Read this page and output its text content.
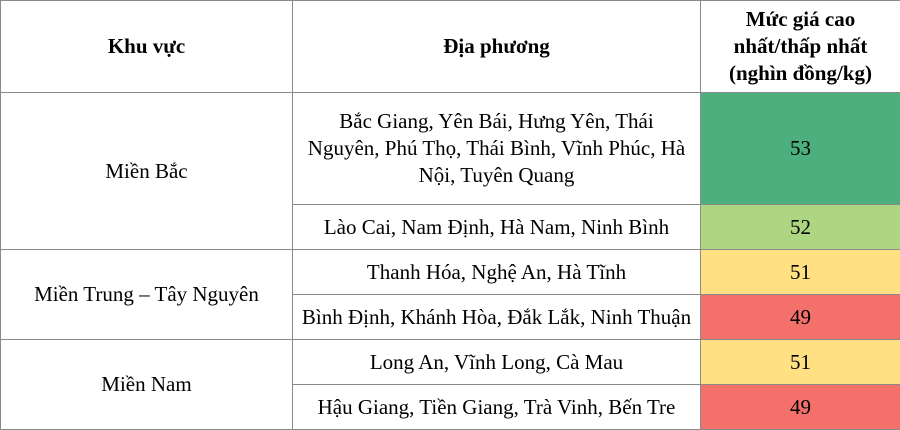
Khu vực	Địa phương	Mức giá cao nhất/thấp nhất (nghìn đồng/kg)
Miền Bắc	Bắc Giang, Yên Bái, Hưng Yên, Thái Nguyên, Phú Thọ, Thái Bình, Vĩnh Phúc, Hà Nội, Tuyên Quang	53
	Lào Cai, Nam Định, Hà Nam, Ninh Bình	52
Miền Trung – Tây Nguyên	Thanh Hóa, Nghệ An, Hà Tĩnh	51
	Bình Định, Khánh Hòa, Đắk Lắk, Ninh Thuận	49
Miền Nam	Long An, Vĩnh Long, Cà Mau	51
	Hậu Giang, Tiền Giang, Trà Vinh, Bến Tre	49
